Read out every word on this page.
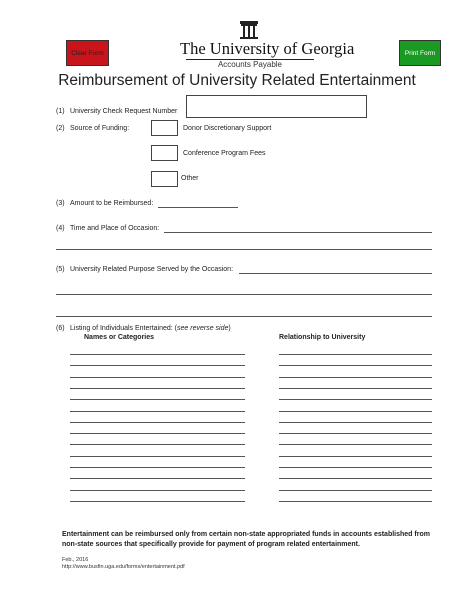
Clear Form	Print Form
The University of Georgia
Accounts Payable
Reimbursement of University Related Entertainment
(1) University Check Request Number
(2) Source of Funding:	Donor Discretionary Support
Conference Program Fees
Other
(3) Amount to be Reimbursed:
(4) Time and Place of Occasion:
(5) University Related Purpose Served by the Occasion:
(6) Listing of Individuals Entertained: (see reverse side)
Names or Categories	Relationship to University
Entertainment can be reimbursed only from certain non-state appropriated funds in accounts established from non-state sources that specifically provide for payment of program related entertainment.
Feb., 2016
http://www.busfin.uga.edu/forms/entertainment.pdf
